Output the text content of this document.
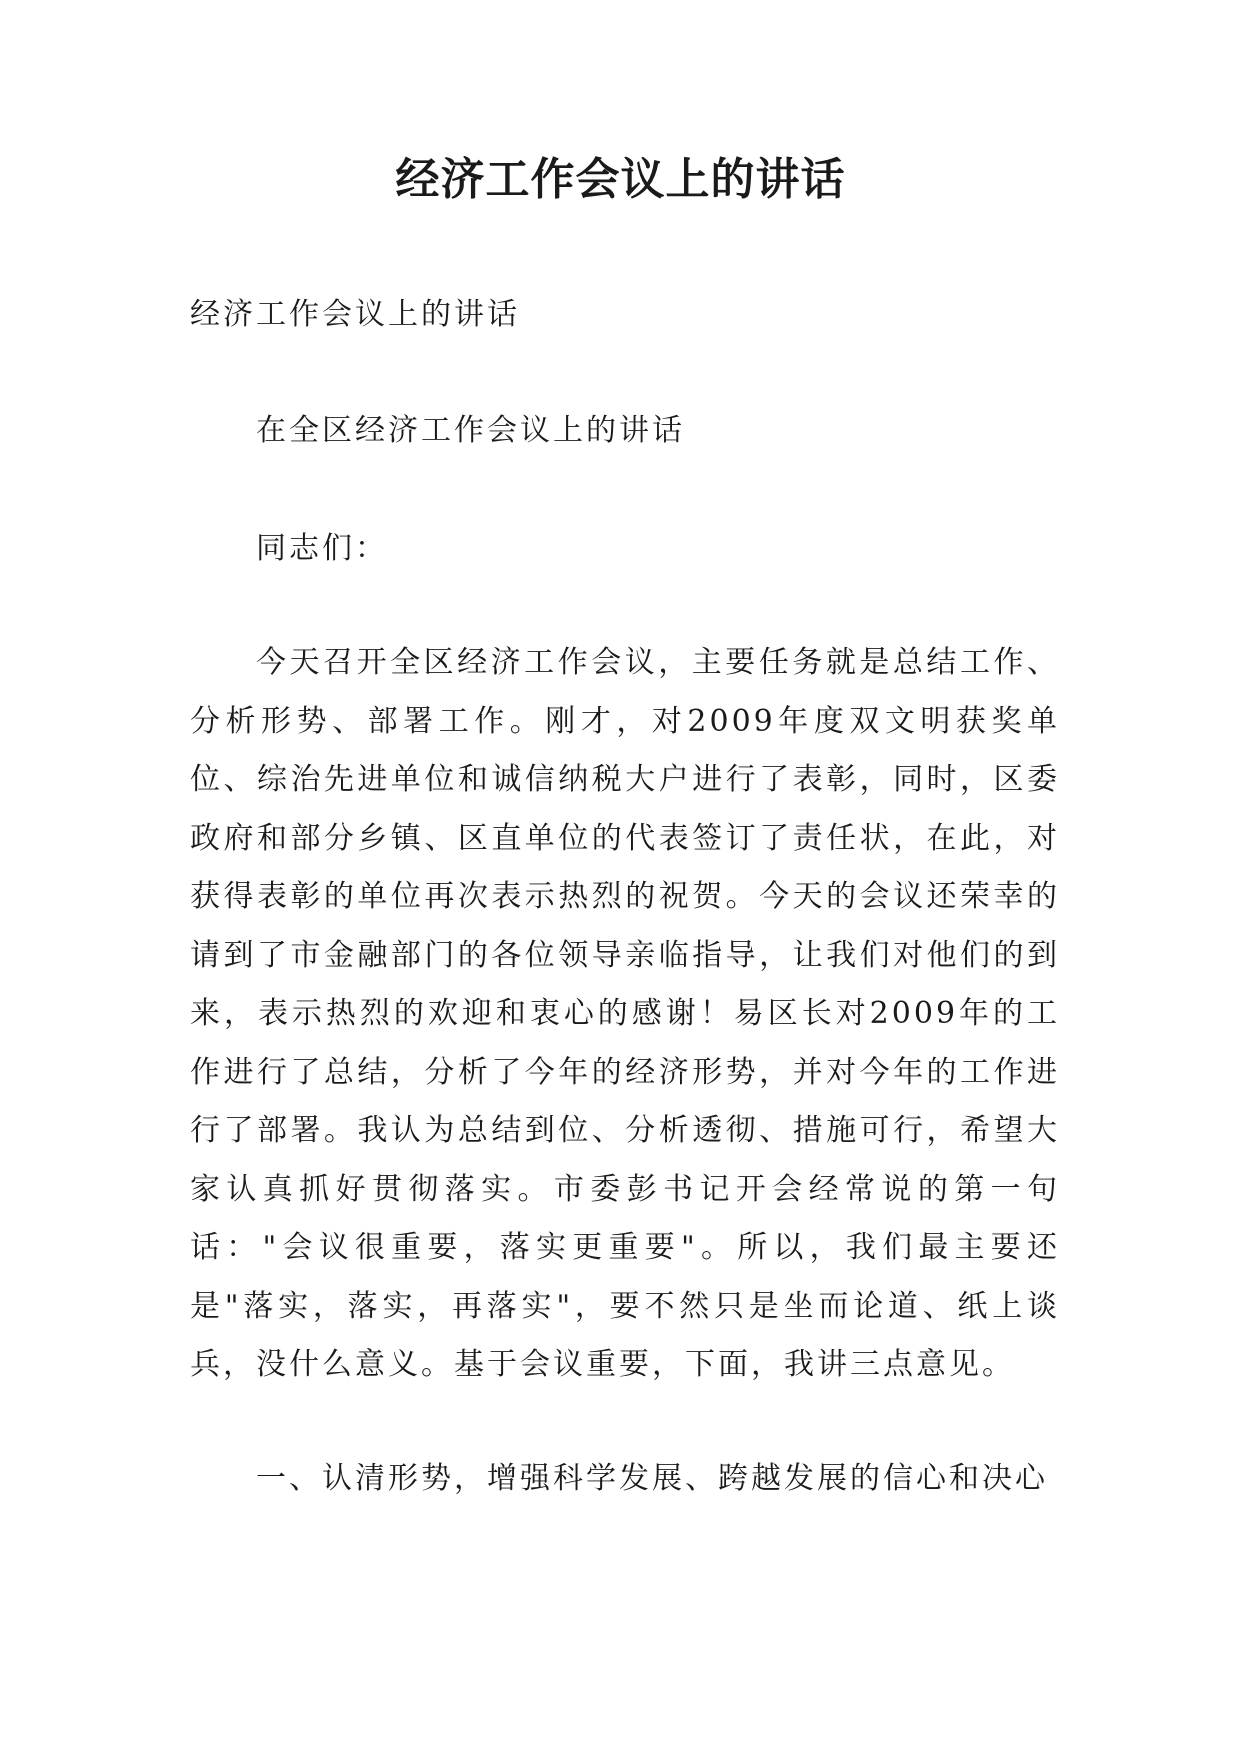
经济工作会议上的讲话

经济工作会议上的讲话

在全区经济工作会议上的讲话

同志们：

今天召开全区经济工作会议，主要任务就是总结工作、分析形势、部署工作。刚才，对2009年度双文明获奖单位、综治先进单位和诚信纳税大户进行了表彰，同时，区委政府和部分乡镇、区直单位的代表签订了责任状，在此，对获得表彰的单位再次表示热烈的祝贺。今天的会议还荣幸的请到了市金融部门的各位领导亲临指导，让我们对他们的到来，表示热烈的欢迎和衷心的感谢！易区长对2009年的工作进行了总结，分析了今年的经济形势，并对今年的工作进行了部署。我认为总结到位、分析透彻、措施可行，希望大家认真抓好贯彻落实。市委彭书记开会经常说的第一句话："会议很重要，落实更重要"。所以，我们最主要还是"落实，落实，再落实"，要不然只是坐而论道、纸上谈兵，没什么意义。基于会议重要，下面，我讲三点意见。

一、认清形势，增强科学发展、跨越发展的信心和决心
